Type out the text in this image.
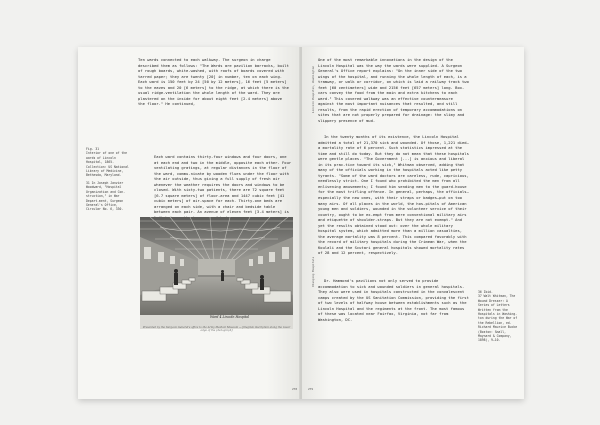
Ten wards connected to each walkway. The surgeon in charge described them as follows: "The Wards are pavilion barracks, built of rough boards, white-washed, with roofs of boards covered with tarred paper; they are twenty [20] in number, ten on each wing. Each ward is 150 feet by 24 [50 by 12 meters], 16 feet [5 meters] to the eaves and 20 [6 meters] to the ridge, at which there is the usual ridge-ventilation the whole length of the ward. They are plastered on the inside for about eight feet [2.4 meters] above the floor." He continued,

Each ward contains thirty-four windows and four doors, one at each end and two in the middle, opposite each other. Four ventilating gratings, at regular distances in the floor of the ward, commu-nicate by wooden flues under the floor with the air outside, thus giving a full supply of fresh air whenever the weather requires the doors and windows to be closed. With sixty-two patients, there are 72 square feet [6.7 square meters] of floor-area and 1447 cubic feet [41 cubic meters] of air-space for each. Thirty-one beds are arranged on each side, with a chair and bedside table between each pair. An avenue of eleven feet [3.4 meters] is

Fig. 31
Interior of one of the wards of Lincoln Hospital, 1865. Collection: US National Library of Medicine, Bethesda, Maryland.

31 In Joseph Janvier Woodward, "Hospital Organization and Con-struction," in War Depart-ment, Surgeon General's Office, Circular No. 6, 330.

Ward 4 Lincoln Hospital
Presented by the Surgeon General's office to the Army Medical Museum — [illegible inscription along the lower edge of the photograph]
Lincoln Hospital, Washington
Changing Hospitals
278	279

One of the most remarkable innovations in the design of the Lincoln Hospital was the way the wards were supplied. A Surgeon General's Office report explains: "On the inner side of the two wings of the hospital, and running the whole length of each, is a tramway, or walk or corridor, on which is laid a railway track two feet [60 centimeters] wide and 2156 feet [657 meters] long. Box-cars convey the food from the main and extra kitchens to each ward." This covered walkway was an effective countermeasure against the most important nuisances that resulted, and still results, from the rapid erection of temporary accommodations on sites that are not properly prepared for drainage: the slimy and slippery presence of mud.

In the twenty months of its existence, the Lincoln Hospital admitted a total of 21,370 sick and wounded. Of those, 1,221 died—a mortality rate of 6 percent. Such statistics impressed at the time and still do today. But they do not mean that these hospitals were gentle places. "The Government [...] is anxious and liberal in its prac-tice toward its sick," Whitman observed, adding that many of the officials working in the hospitals acted like petty tyrants. "Some of the ward doctors are careless, rude, capricious, needlessly strict. One I found who prohibited the men from all enlivening amusements; I found him sending men to the guard-house for the most trifling offence. In general, perhaps, the officials—especially the new ones, with their straps or badges—put on too many airs. Of all places in the world, the hos-pitals of American young men and soldiers, wounded in the volunteer service of their country, ought to be ex-empt from mere conventional military airs and etiquette of shoulder-straps. But they are not exempt." And yet the results obtained stood out: over the whole military hospital system, which admitted more than a million casualties, the average mortality was 8 percent. This compared favorably with the record of military hospitals during the Crimean War, when the Koulali and the Scutari general hospitals showed mortality rates of 28 and 12 percent, respectively.

Dr. Hammond's pavilions not only served to provide accommodation to sick and wounded soldiers in general hospitals. They also were used in hospitals constructed in the convalescent camps created by the US Sanitation Commission, providing the first of two levels of halfway house between establishments such as the Lincoln Hospital and the regiments at the front. The most famous of these was located near Fairfax, Virginia, not far from Washington, DC.

36 Ibid.
37 Walt Whitman, The Wound Dresser: A Series of Letters Written from the Hospitals in Washing-ton during the War of the Rebellion, ed. Richard Maurice Bucke (Boston: Small, Maynard & Company, 1898), 9–10.
